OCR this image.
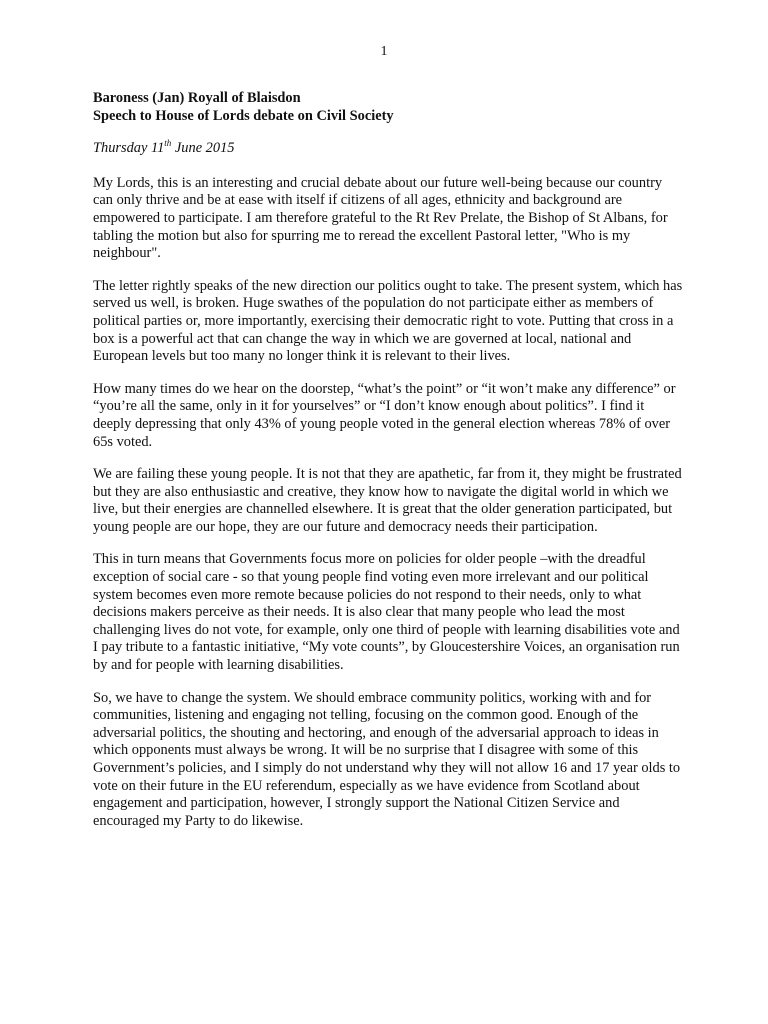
1

Baroness (Jan) Royall of Blaisdon

Speech to House of Lords debate on Civil Society

Thursday 11th June 2015

My Lords, this is an interesting and crucial debate about our future well-being because our country can only thrive and be at ease with itself if citizens of all ages, ethnicity and background are empowered to participate. I am therefore grateful to the Rt Rev Prelate, the Bishop of St Albans, for tabling the motion but also for spurring me to reread the excellent Pastoral letter, "Who is my neighbour".

The letter rightly speaks of the new direction our politics ought to take. The present system, which has served us well, is broken. Huge swathes of the population do not participate either as members of political parties or, more importantly, exercising their democratic right to vote. Putting that cross in a box is a powerful act that can change the way in which we are governed at local, national and European levels but too many no longer think it is relevant to their lives.

How many times do we hear on the doorstep, “what’s the point” or “it won’t make any difference” or “you’re all the same, only in it for yourselves” or “I don’t know enough about politics”. I find it deeply depressing that only 43% of young people voted in the general election whereas 78% of over 65s voted.

We are failing these young people. It is not that they are apathetic, far from it, they might be frustrated but they are also enthusiastic and creative, they know how to navigate the digital world in which we live, but their energies are channelled elsewhere. It is great that the older generation participated, but young people are our hope, they are our future and democracy needs their participation.

This in turn means that Governments focus more on policies for older people –with the dreadful exception of social care - so that young people find voting even more irrelevant and our political system becomes even more remote because policies do not respond to their needs, only to what decisions makers perceive as their needs. It is also clear that many people who lead the most challenging lives do not vote, for example, only one third of people with learning disabilities vote and I pay tribute to a fantastic initiative, “My vote counts”, by Gloucestershire Voices, an organisation run by and for people with learning disabilities.

So, we have to change the system. We should embrace community politics, working with and for communities, listening and engaging not telling, focusing on the common good. Enough of the adversarial politics, the shouting and hectoring, and enough of the adversarial approach to ideas in which opponents must always be wrong. It will be no surprise that I disagree with some of this Government’s policies, and I simply do not understand why they will not allow 16 and 17 year olds to vote on their future in the EU referendum, especially as we have evidence from Scotland about engagement and participation, however, I strongly support the National Citizen Service and encouraged my Party to do likewise.
